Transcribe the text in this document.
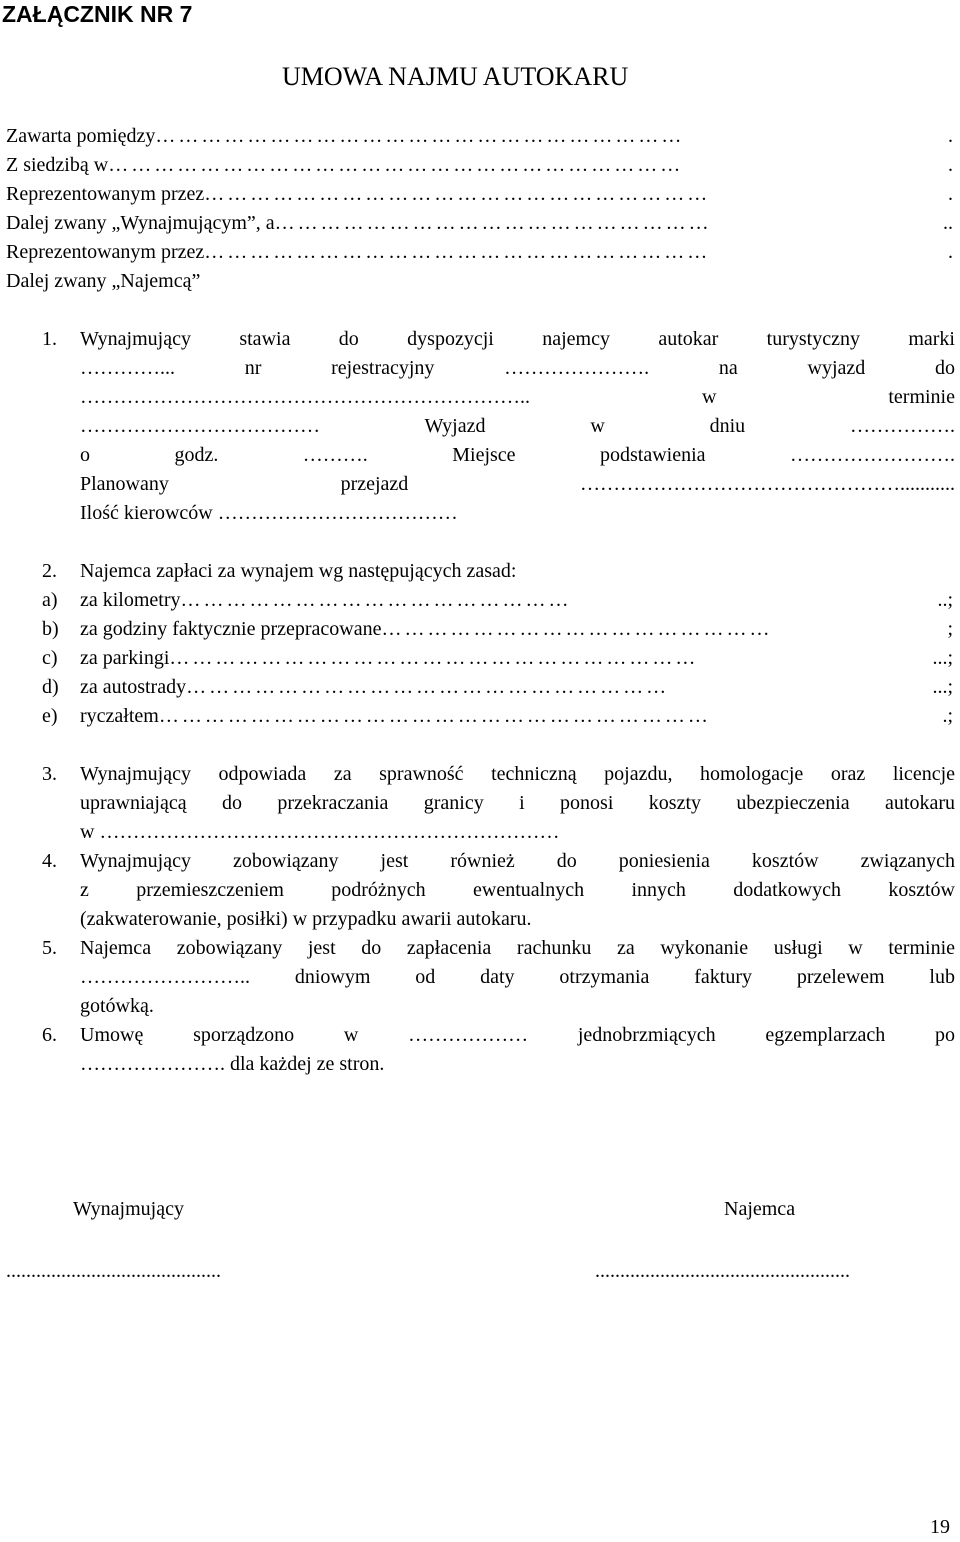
ZAŁĄCZNIK NR 7
UMOWA NAJMU AUTOKARU
Zawarta pomiędzy ……………………………………………………………	.
Z siedzibą w …………………………………………………………………	.
Reprezentowanym przez …………………………………………………………	.
Dalej zwany „Wynajmującym”, a …………………………………………………	..
Reprezentowanym przez …………………………………………………………	.
Dalej zwany „Najemcą”
1.	Wynajmujący stawia do dyspozycji najemcy autokar turystyczny marki
…………... nr rejestracyjny …………………. na wyjazd do
………………………………………………………….. w terminie
……………………………… Wyjazd w dniu …………….
o godz. ………. Miejsce podstawienia …………………….
Planowany przejazd …………………………………………...........
Ilość kierowców ………………………………
2.	Najemca zapłaci za wynajem wg następujących zasad:
a)	za kilometry ……………………………………………	..;
b)	za godziny faktycznie przepracowane ……………………………………………	;
c)	za parkingi ……………………………………………………………	...;
d)	za autostrady ………………………………………………………	...;
e)	ryczałtem ………………………………………………………………	.;
3.	Wynajmujący odpowiada za sprawność techniczną pojazdu, homologacje oraz licencje
uprawniającą do przekraczania granicy i ponosi koszty ubezpieczenia autokaru
w ……………………………………………………………
4.	Wynajmujący zobowiązany jest również do poniesienia kosztów związanych
z przemieszczeniem podróżnych ewentualnych innych dodatkowych kosztów
(zakwaterowanie, posiłki) w przypadku awarii autokaru.
5.	Najemca zobowiązany jest do zapłacenia rachunku za wykonanie usługi w terminie
…………………….. dniowym od daty otrzymania faktury przelewem lub
gotówką.
6.	Umowę sporządzono w ……………… jednobrzmiących egzemplarzach po
…………………. dla każdej ze stron.
Wynajmujący	Najemca
...........................................	...................................................
19
